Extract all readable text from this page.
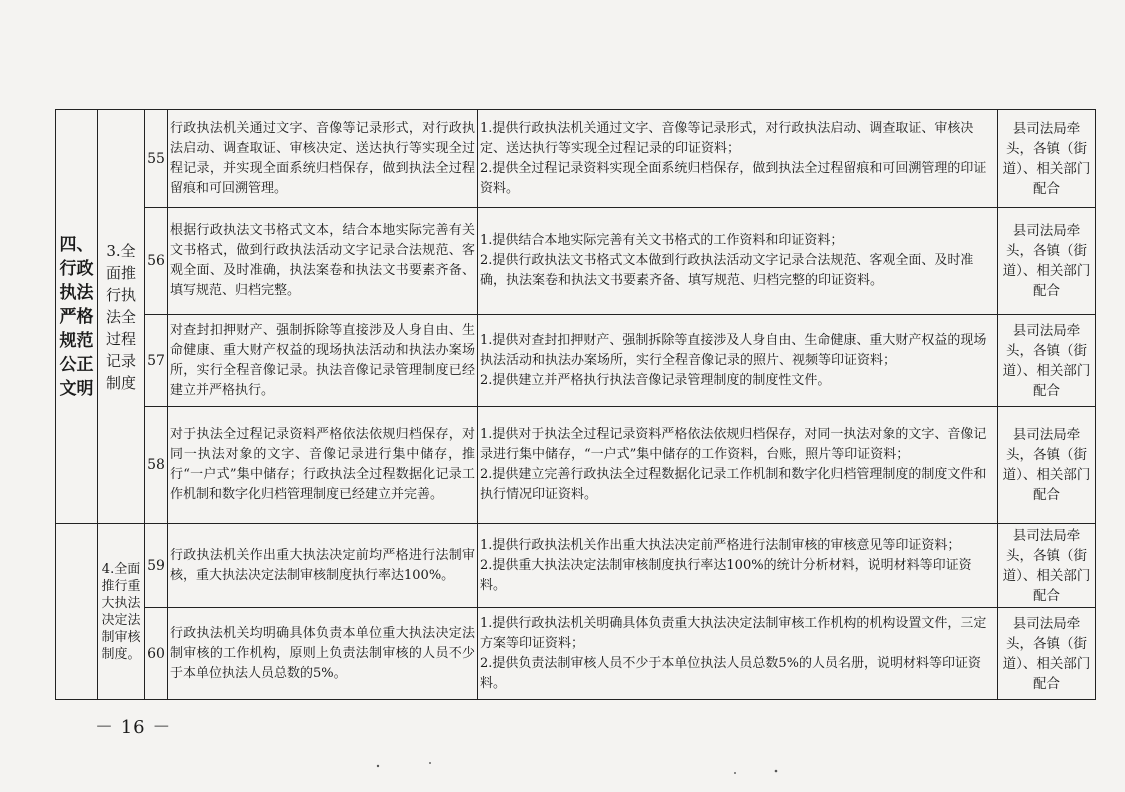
四、行政执法严格规范公正文明	3.全面推行执法全过程记录制度	55	行政执法机关通过文字、音像等记录形式，对行政执法启动、调查取证、审核决定、送达执行等实现全过程记录，并实现全面系统归档保存，做到执法全过程留痕和可回溯管理。	1.提供行政执法机关通过文字、音像等记录形式，对行政执法启动、调查取证、审核决定、送达执行等实现全过程记录的印证资料；
2.提供全过程记录资料实现全面系统归档保存，做到执法全过程留痕和可回溯管理的印证资料。	县司法局牵头，各镇（街道）、相关部门配合
		56	根据行政执法文书格式文本，结合本地实际完善有关文书格式，做到行政执法活动文字记录合法规范、客观全面、及时准确，执法案卷和执法文书要素齐备、填写规范、归档完整。	1.提供结合本地实际完善有关文书格式的工作资料和印证资料；
2.提供行政执法文书格式文本做到行政执法活动文字记录合法规范、客观全面、及时准确，执法案卷和执法文书要素齐备、填写规范、归档完整的印证资料。	县司法局牵头，各镇（街道）、相关部门配合
		57	对查封扣押财产、强制拆除等直接涉及人身自由、生命健康、重大财产权益的现场执法活动和执法办案场所，实行全程音像记录。执法音像记录管理制度已经建立并严格执行。	1.提供对查封扣押财产、强制拆除等直接涉及人身自由、生命健康、重大财产权益的现场执法活动和执法办案场所，实行全程音像记录的照片、视频等印证资料；
2.提供建立并严格执行执法音像记录管理制度的制度性文件。	县司法局牵头，各镇（街道）、相关部门配合
		58	对于执法全过程记录资料严格依法依规归档保存，对同一执法对象的文字、音像记录进行集中储存，推行“一户式”集中储存；行政执法全过程数据化记录工作机制和数字化归档管理制度已经建立并完善。	1.提供对于执法全过程记录资料严格依法依规归档保存，对同一执法对象的文字、音像记录进行集中储存，“一户式”集中储存的工作资料，台账，照片等印证资料；
2.提供建立完善行政执法全过程数据化记录工作机制和数字化归档管理制度的制度文件和执行情况印证资料。	县司法局牵头，各镇（街道）、相关部门配合
	4.全面推行重大执法决定法制审核制度。	59	行政执法机关作出重大执法决定前均严格进行法制审核，重大执法决定法制审核制度执行率达100%。	1.提供行政执法机关作出重大执法决定前严格进行法制审核的审核意见等印证资料；
2.提供重大执法决定法制审核制度执行率达100%的统计分析材料，说明材料等印证资料。	县司法局牵头，各镇（街道）、相关部门配合
		60	行政执法机关均明确具体负责本单位重大执法决定法制审核的工作机构，原则上负责法制审核的人员不少于本单位执法人员总数的5%。	1.提供行政执法机关明确具体负责重大执法决定法制审核工作机构的机构设置文件，三定方案等印证资料；
2.提供负责法制审核人员不少于本单位执法人员总数5%的人员名册，说明材料等印证资料。	县司法局牵头，各镇（街道）、相关部门配合
－ 16 －
